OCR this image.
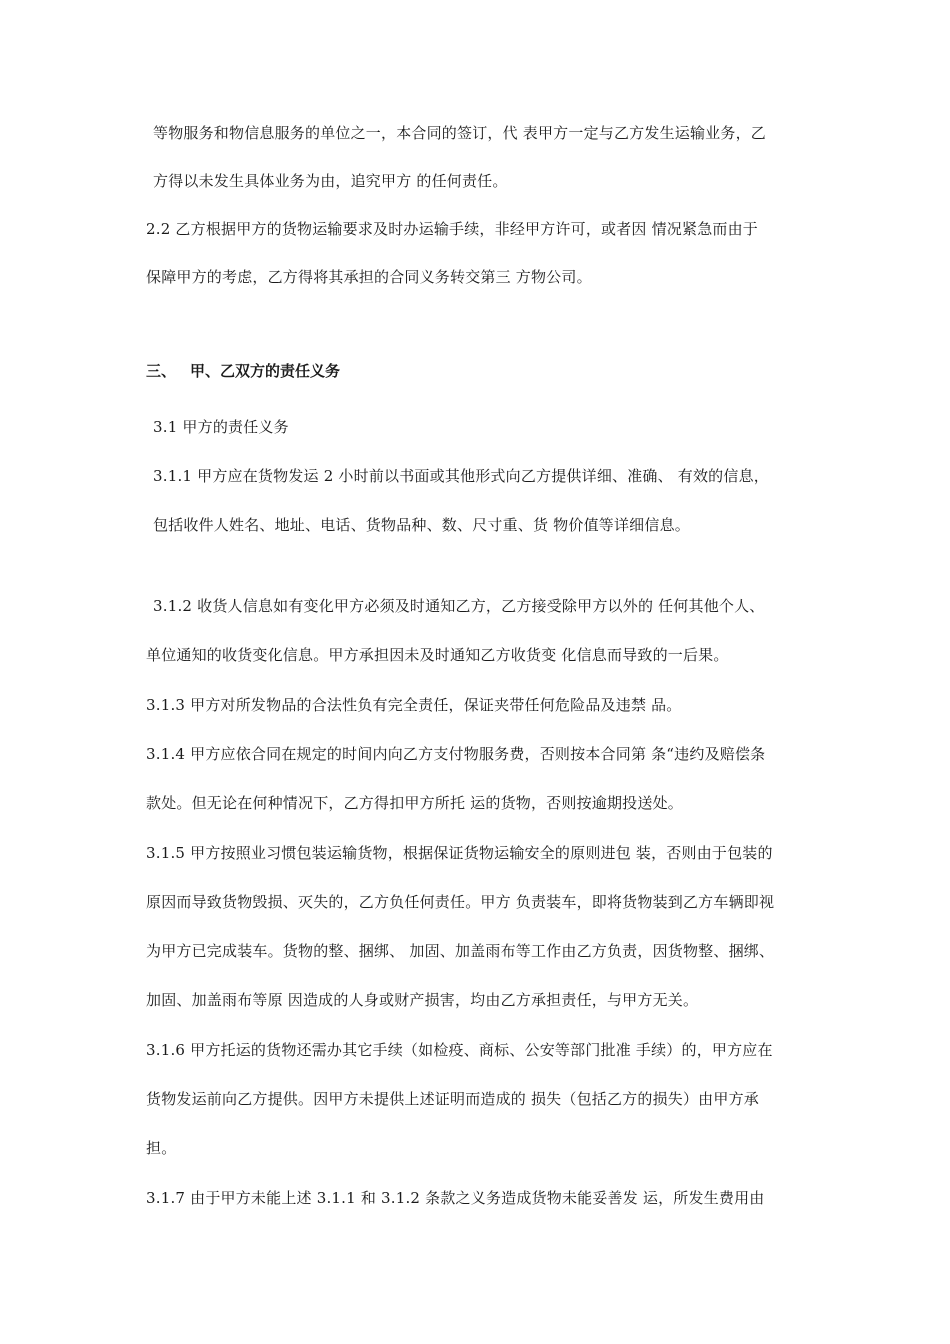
等物服务和物信息服务的单位之一，本合同的签订，代 表甲方一定与乙方发生运输业务，乙
方得以未发生具体业务为由，追究甲方 的任何责任。
2.2 乙方根据甲方的货物运输要求及时办运输手续，非经甲方许可，或者因 情况紧急而由于
保障甲方的考虑，乙方得将其承担的合同义务转交第三 方物公司。
三、 甲、乙双方的责任义务
3.1 甲方的责任义务
3.1.1 甲方应在货物发运 2 小时前以书面或其他形式向乙方提供详细、准确、 有效的信息，
包括收件人姓名、地址、电话、货物品种、数、尺寸重、货 物价值等详细信息。
3.1.2 收货人信息如有变化甲方必须及时通知乙方，乙方接受除甲方以外的 任何其他个人、
单位通知的收货变化信息。甲方承担因未及时通知乙方收货变 化信息而导致的一后果。
3.1.3 甲方对所发物品的合法性负有完全责任，保证夹带任何危险品及违禁 品。
3.1.4 甲方应依合同在规定的时间内向乙方支付物服务费，否则按本合同第 条“违约及赔偿条
款处。但无论在何种情况下，乙方得扣甲方所托 运的货物，否则按逾期投送处。
3.1.5 甲方按照业习惯包装运输货物，根据保证货物运输安全的原则进包 装，否则由于包装的
原因而导致货物毁损、灭失的，乙方负任何责任。甲方 负责装车，即将货物装到乙方车辆即视
为甲方已完成装车。货物的整、捆绑、 加固、加盖雨布等工作由乙方负责，因货物整、捆绑、
加固、加盖雨布等原 因造成的人身或财产损害，均由乙方承担责任，与甲方无关。
3.1.6 甲方托运的货物还需办其它手续（如检疫、商标、公安等部门批准 手续）的，甲方应在
货物发运前向乙方提供。因甲方未提供上述证明而造成的 损失（包括乙方的损失）由甲方承
担。
3.1.7 由于甲方未能上述 3.1.1 和 3.1.2 条款之义务造成货物未能妥善发 运，所发生费用由
